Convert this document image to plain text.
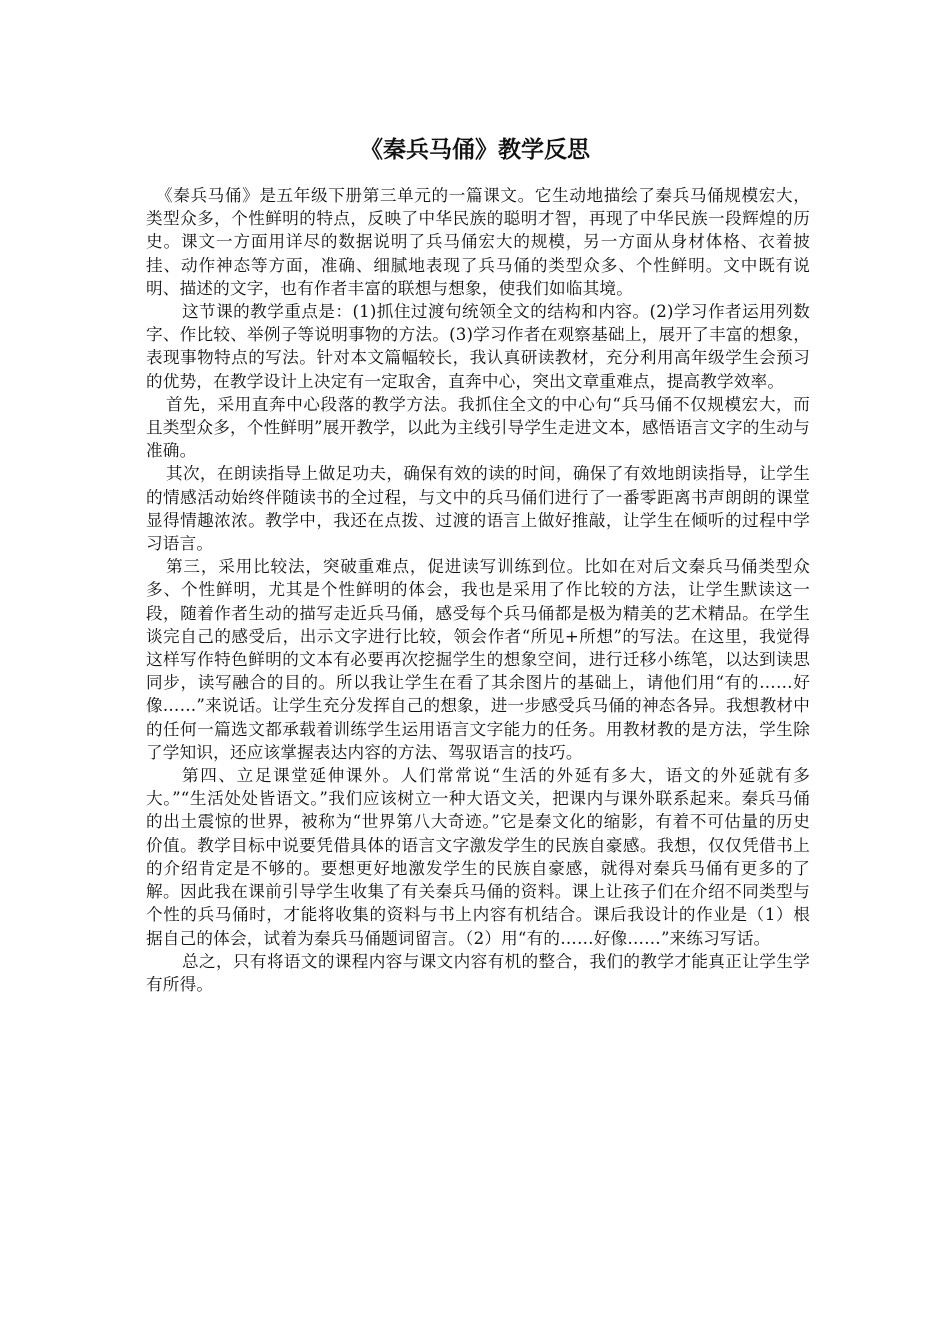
《秦兵马俑》教学反思

《秦兵马俑》是五年级下册第三单元的一篇课文。它生动地描绘了秦兵马俑规模宏大，类型众多，个性鲜明的特点，反映了中华民族的聪明才智，再现了中华民族一段辉煌的历史。课文一方面用详尽的数据说明了兵马俑宏大的规模，另一方面从身材体格、衣着披挂、动作神态等方面，准确、细腻地表现了兵马俑的类型众多、个性鲜明。文中既有说明、描述的文字，也有作者丰富的联想与想象，使我们如临其境。

这节课的教学重点是：(1)抓住过渡句统领全文的结构和内容。(2)学习作者运用列数字、作比较、举例子等说明事物的方法。(3)学习作者在观察基础上，展开了丰富的想象，表现事物特点的写法。针对本文篇幅较长，我认真研读教材，充分利用高年级学生会预习的优势，在教学设计上决定有一定取舍，直奔中心，突出文章重难点，提高教学效率。

首先，采用直奔中心段落的教学方法。我抓住全文的中心句“兵马俑不仅规模宏大，而且类型众多，个性鲜明”展开教学，以此为主线引导学生走进文本，感悟语言文字的生动与准确。

其次，在朗读指导上做足功夫，确保有效的读的时间，确保了有效地朗读指导，让学生的情感活动始终伴随读书的全过程，与文中的兵马俑们进行了一番零距离书声朗朗的课堂显得情趣浓浓。教学中，我还在点拨、过渡的语言上做好推敲，让学生在倾听的过程中学习语言。

第三，采用比较法，突破重难点，促进读写训练到位。比如在对后文秦兵马俑类型众多、个性鲜明，尤其是个性鲜明的体会，我也是采用了作比较的方法，让学生默读这一段，随着作者生动的描写走近兵马俑，感受每个兵马俑都是极为精美的艺术精品。在学生谈完自己的感受后，出示文字进行比较，领会作者“所见+所想”的写法。在这里，我觉得这样写作特色鲜明的文本有必要再次挖掘学生的想象空间，进行迁移小练笔，以达到读思同步，读写融合的目的。所以我让学生在看了其余图片的基础上，请他们用“有的……好像……”来说话。让学生充分发挥自己的想象，进一步感受兵马俑的神态各异。我想教材中的任何一篇选文都承载着训练学生运用语言文字能力的任务。用教材教的是方法，学生除了学知识，还应该掌握表达内容的方法、驾驭语言的技巧。

第四、立足课堂延伸课外。人们常常说“生活的外延有多大，语文的外延就有多大。”“生活处处皆语文。”我们应该树立一种大语文关，把课内与课外联系起来。秦兵马俑的出土震惊的世界，被称为“世界第八大奇迹。”它是秦文化的缩影，有着不可估量的历史价值。教学目标中说要凭借具体的语言文字激发学生的民族自豪感。我想，仅仅凭借书上的介绍肯定是不够的。要想更好地激发学生的民族自豪感，就得对秦兵马俑有更多的了解。因此我在课前引导学生收集了有关秦兵马俑的资料。课上让孩子们在介绍不同类型与个性的兵马俑时，才能将收集的资料与书上内容有机结合。课后我设计的作业是（1）根据自己的体会，试着为秦兵马俑题词留言。（2）用“有的……好像……”来练习写话。

总之，只有将语文的课程内容与课文内容有机的整合，我们的教学才能真正让学生学有所得。
